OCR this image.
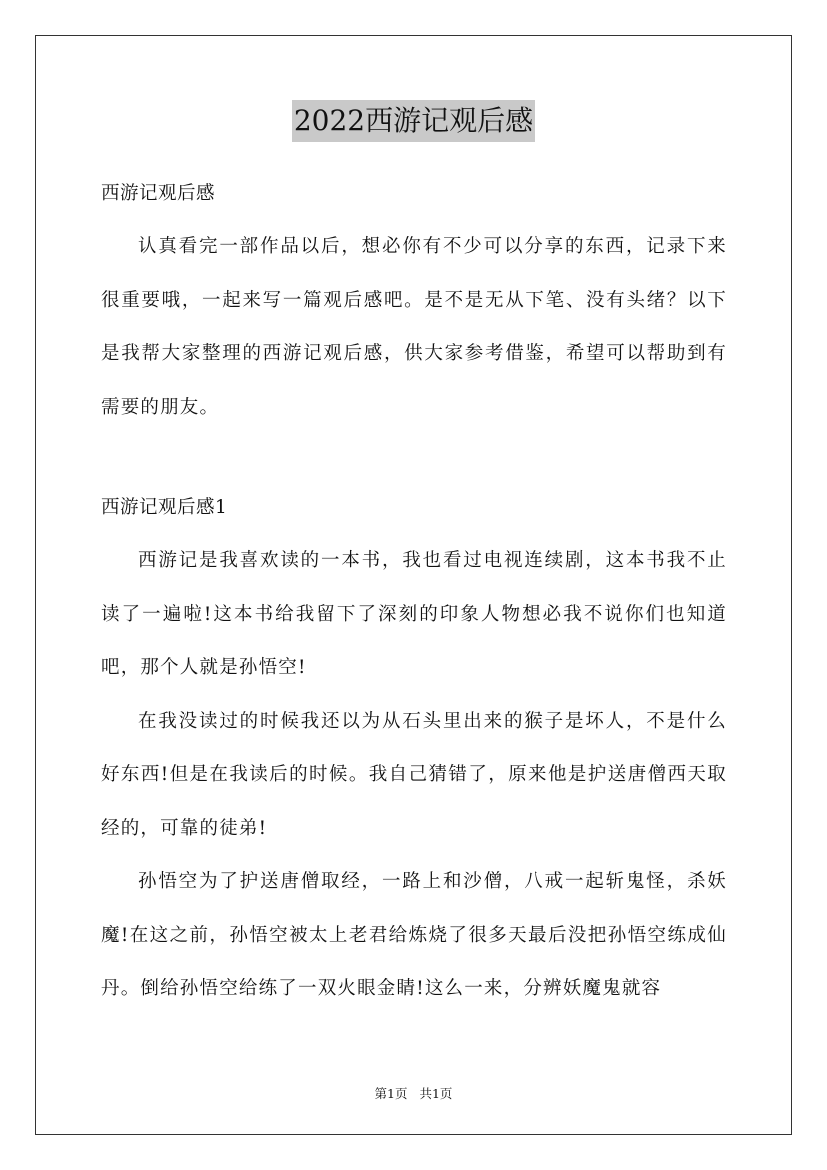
2022西游记观后感

西游记观后感

认真看完一部作品以后，想必你有不少可以分享的东西，记录下来很重要哦，一起来写一篇观后感吧。是不是无从下笔、没有头绪？以下是我帮大家整理的西游记观后感，供大家参考借鉴，希望可以帮助到有需要的朋友。

西游记观后感1

西游记是我喜欢读的一本书，我也看过电视连续剧，这本书我不止读了一遍啦!这本书给我留下了深刻的印象人物想必我不说你们也知道吧，那个人就是孙悟空!

在我没读过的时候我还以为从石头里出来的猴子是坏人，不是什么好东西!但是在我读后的时候。我自己猜错了，原来他是护送唐僧西天取经的，可靠的徒弟!

孙悟空为了护送唐僧取经，一路上和沙僧，八戒一起斩鬼怪，杀妖魔!在这之前，孙悟空被太上老君给炼烧了很多天最后没把孙悟空练成仙丹。倒给孙悟空给练了一双火眼金睛!这么一来，分辨妖魔鬼就容

第1页 共1页
